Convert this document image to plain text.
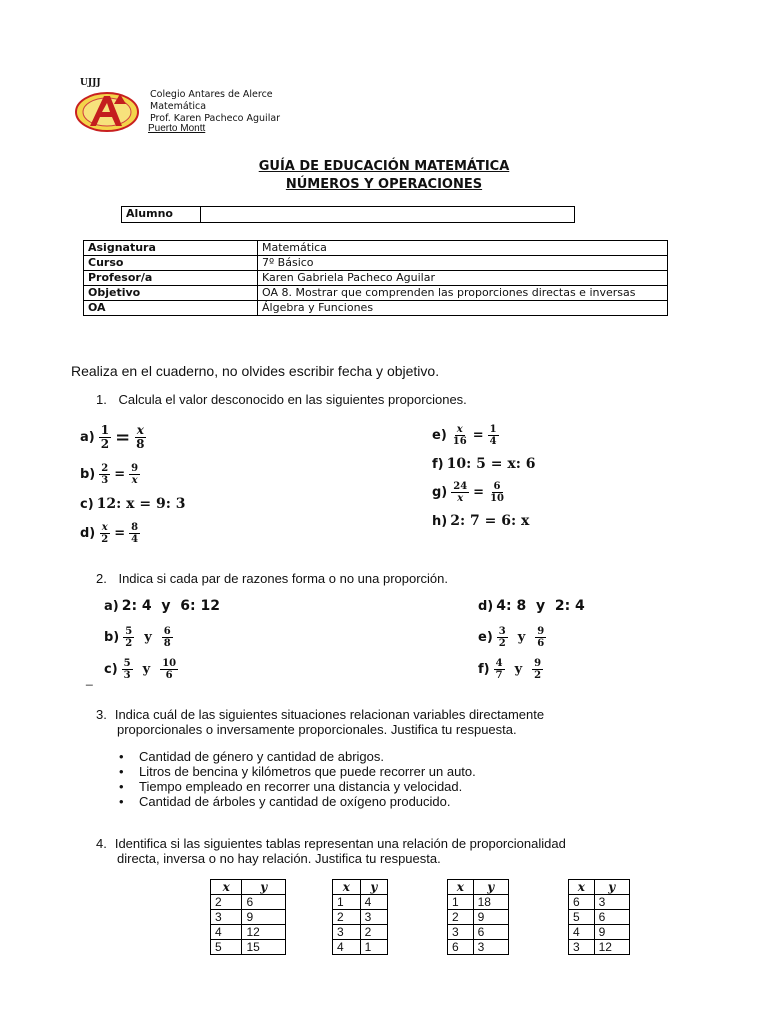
UJJJ
Colegio Antares de Alerce
Matemática
Prof. Karen Pacheco Aguilar
Puerto Montt
GUÍA DE EDUCACIÓN MATEMÁTICA
NÚMEROS Y OPERACIONES
Alumno	
Asignatura	Matemática
Curso	7º Básico
Profesor/a	Karen Gabriela Pacheco Aguilar
Objetivo	OA 8. Mostrar que comprenden las proporciones directas e inversas
OA	Álgebra y Funciones
Realiza en el cuaderno, no olvides escribir fecha y objetivo.
1. Calcula el valor desconocido en las siguientes proporciones.
$a) \frac{1}{2} = \frac{x}{8}$
$b) \frac{2}{3} = \frac{9}{x}$
c) 12: x = 9: 3
$d) \frac{x}{2} = \frac{8}{4}$
$e) \frac{x}{16} = \frac{1}{4}$
f) 10: 5 = x: 6
$g) \frac{24}{x} = \frac{6}{10}$
h) 2: 7 = 6: x
2. Indica si cada par de razones forma o no una proporción.
a) 2: 4  y  6: 12
$b) \frac{5}{2}$ y $\frac{6}{8}$
$c) \frac{5}{3}$ y $\frac{10}{6}$
_
d) 4: 8  y  2: 4
$e) \frac{3}{2}$ y $\frac{9}{6}$
$f) \frac{4}{7}$ y $\frac{9}{2}$
3. Indica cuál de las siguientes situaciones relacionan variables directamente
proporcionales o inversamente proporcionales. Justifica tu respuesta.
• Cantidad de género y cantidad de abrigos.
• Litros de bencina y kilómetros que puede recorrer un auto.
• Tiempo empleado en recorrer una distancia y velocidad.
• Cantidad de árboles y cantidad de oxígeno producido.
4. Identifica si las siguientes tablas representan una relación de proporcionalidad
directa, inversa o no hay relación. Justifica tu respuesta.
x	y
2	6
3	9
4	12
5	15
x	y
1	4
2	3
3	2
4	1
x	y
1	18
2	9
3	6
6	3
x	y
6	3
5	6
4	9
3	12
